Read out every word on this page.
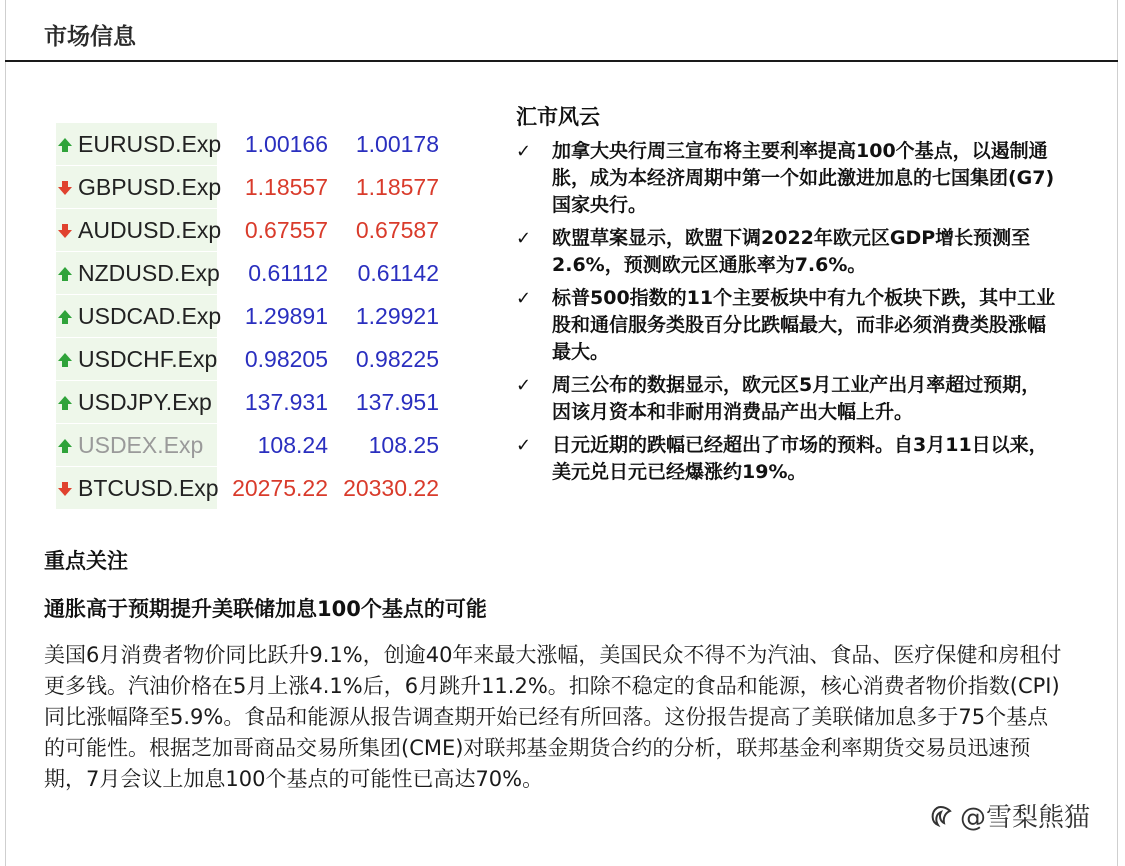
市场信息
EURUSD.Exp	1.00166	1.00178
GBPUSD.Exp	1.18557	1.18577
AUDUSD.Exp	0.67557	0.67587
NZDUSD.Exp	0.61112	0.61142
USDCAD.Exp	1.29891	1.29921
USDCHF.Exp	0.98205	0.98225
USDJPY.Exp	137.931	137.951
USDEX.Exp	108.24	108.25
BTCUSD.Exp	20275.22	20330.22
汇市风云
✓ 加拿大央行周三宣布将主要利率提高100个基点，以遏制通胀，成为本经济周期中第一个如此激进加息的七国集团(G7)国家央行。
✓ 欧盟草案显示，欧盟下调2022年欧元区GDP增长预测至2.6%，预测欧元区通胀率为7.6%。
✓ 标普500指数的11个主要板块中有九个板块下跌，其中工业股和通信服务类股百分比跌幅最大，而非必须消费类股涨幅最大。
✓ 周三公布的数据显示，欧元区5月工业产出月率超过预期，因该月资本和非耐用消费品产出大幅上升。
✓ 日元近期的跌幅已经超出了市场的预料。自3月11日以来，美元兑日元已经爆涨约19%。
重点关注
通胀高于预期提升美联储加息100个基点的可能
美国6月消费者物价同比跃升9.1%，创逾40年来最大涨幅，美国民众不得不为汽油、食品、医疗保健和房租付更多钱。汽油价格在5月上涨4.1%后，6月跳升11.2%。扣除不稳定的食品和能源，核心消费者物价指数(CPI)同比涨幅降至5.9%。食品和能源从报告调查期开始已经有所回落。这份报告提高了美联储加息多于75个基点的可能性。根据芝加哥商品交易所集团(CME)对联邦基金期货合约的分析，联邦基金利率期货交易员迅速预期，7月会议上加息100个基点的可能性已高达70%。
@雪梨熊猫
